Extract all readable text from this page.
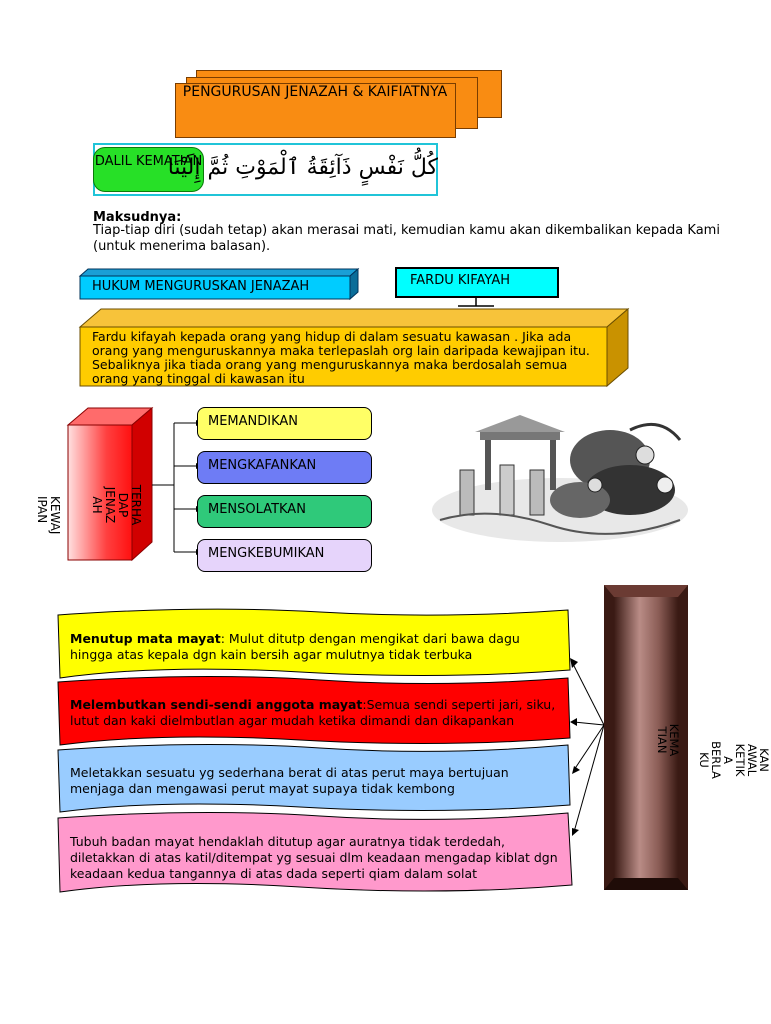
PENGURUSAN JENAZAH & KAIFIATNYA
DALIL KEMATIAN
كُلُّ نَفْسٍ ذَآئِقَةُ ٱلْمَوْتِ ثُمَّ إِلَيْنَا
Maksudnya:
Tiap-tiap diri (sudah tetap) akan merasai mati, kemudian kamu akan dikembalikan kepada Kami (untuk menerima balasan).
HUKUM MENGURUSKAN JENAZAH	FARDU KIFAYAH
Fardu kifayah kepada orang yang hidup di dalam sesuatu kawasan . Jika ada orang yang menguruskannya maka terlepaslah org lain daripada kewajipan itu. Sebaliknya jika tiada orang yang menguruskannya maka berdosalah semua orang yang tinggal di kawasan itu
KEWAJ
IPAN	TERHA
DAP
JENAZ
AH
MEMANDIKAN
MENGKAFANKAN
MENSOLATKAN
MENGKEBUMIKAN
KEMA
TIAN
KAN
AWAL
KETIK
A
BERLA
KU
Menutup mata mayat: Mulut ditutp dengan mengikat dari bawa dagu hingga atas kepala dgn kain bersih agar mulutnya tidak terbuka
Melembutkan sendi-sendi anggota mayat:Semua sendi seperti jari, siku, lutut dan kaki dielmbutlan agar mudah ketika dimandi dan dikapankan
Meletakkan sesuatu yg sederhana berat di atas perut maya bertujuan menjaga dan mengawasi perut mayat supaya tidak kembong
Tubuh badan mayat hendaklah ditutup agar auratnya tidak terdedah, diletakkan di atas katil/ditempat yg sesuai dlm keadaan mengadap kiblat dgn keadaan kedua tangannya di atas dada seperti qiam dalam solat
